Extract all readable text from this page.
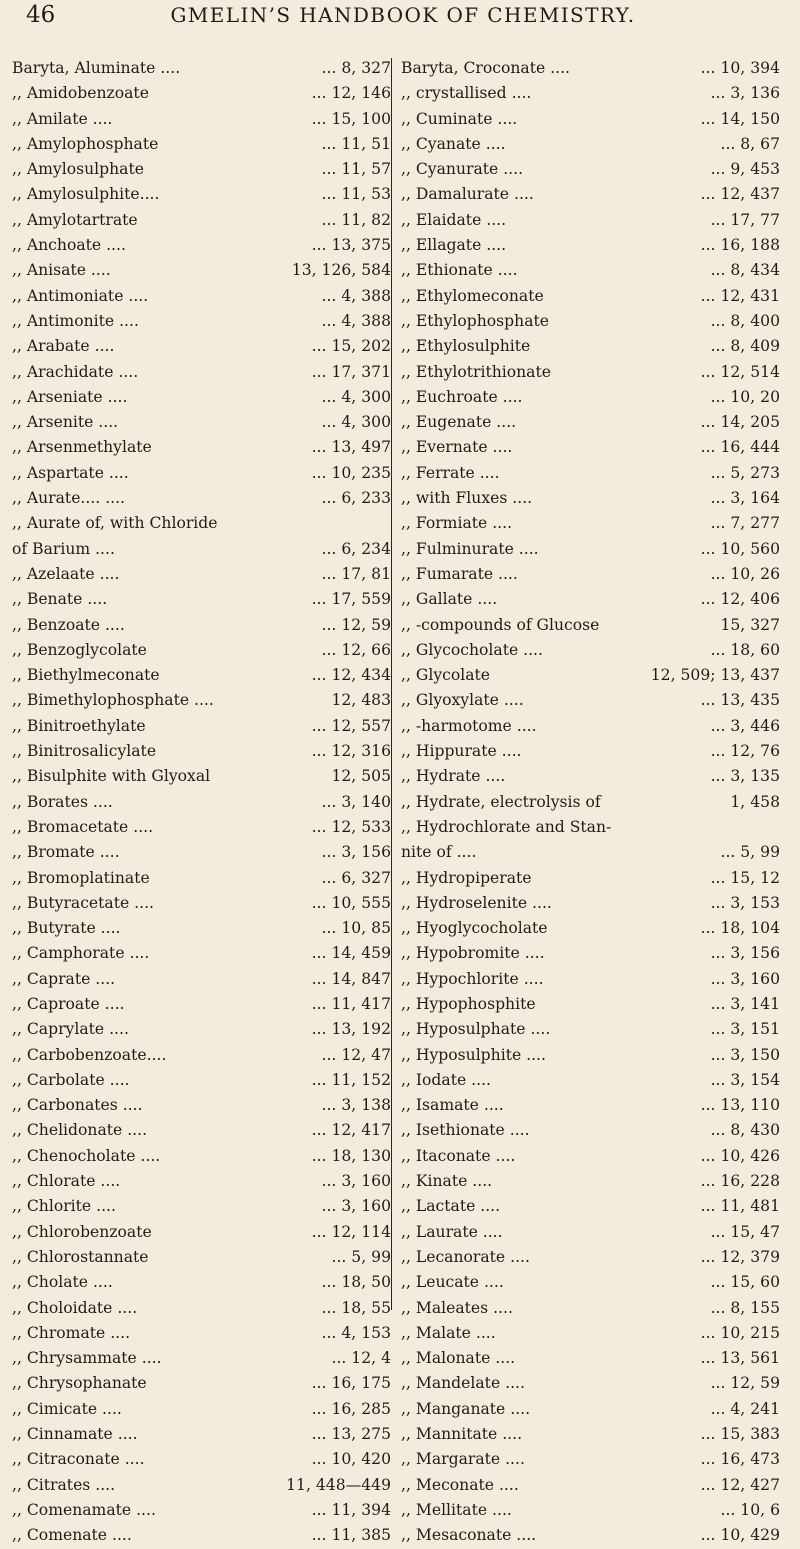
46	GMELIN’S HANDBOOK OF CHEMISTRY.
Baryta, Aluminate ....	... 8, 327
,, Amidobenzoate	... 12, 146
,, Amilate ....	... 15, 100
,, Amylophosphate	... 11, 51
,, Amylosulphate	... 11, 57
,, Amylosulphite....	... 11, 53
,, Amylotartrate	... 11, 82
,, Anchoate ....	... 13, 375
,, Anisate ....	13, 126, 584
,, Antimoniate ....	... 4, 388
,, Antimonite ....	... 4, 388
,, Arabate ....	... 15, 202
,, Arachidate ....	... 17, 371
,, Arseniate ....	... 4, 300
,, Arsenite ....	... 4, 300
,, Arsenmethylate	... 13, 497
,, Aspartate ....	... 10, 235
,, Aurate.... ....	... 6, 233
,, Aurate of, with Chloride
of Barium ....	... 6, 234
,, Azelaate ....	... 17, 81
,, Benate ....	... 17, 559
,, Benzoate ....	... 12, 59
,, Benzoglycolate	... 12, 66
,, Biethylmeconate	... 12, 434
,, Bimethylophosphate ....	12, 483
,, Binitroethylate	... 12, 557
,, Binitrosalicylate	... 12, 316
,, Bisulphite with Glyoxal	12, 505
,, Borates ....	... 3, 140
,, Bromacetate ....	... 12, 533
,, Bromate ....	... 3, 156
,, Bromoplatinate	... 6, 327
,, Butyracetate ....	... 10, 555
,, Butyrate ....	... 10, 85
,, Camphorate ....	... 14, 459
,, Caprate ....	... 14, 847
,, Caproate ....	... 11, 417
,, Caprylate ....	... 13, 192
,, Carbobenzoate....	... 12, 47
,, Carbolate ....	... 11, 152
,, Carbonates ....	... 3, 138
,, Chelidonate ....	... 12, 417
,, Chenocholate ....	... 18, 130
,, Chlorate ....	... 3, 160
,, Chlorite ....	... 3, 160
,, Chlorobenzoate	... 12, 114
,, Chlorostannate	... 5, 99
,, Cholate ....	... 18, 50
,, Choloidate ....	... 18, 55
,, Chromate ....	... 4, 153
,, Chrysammate ....	... 12, 4
,, Chrysophanate	... 16, 175
,, Cimicate ....	... 16, 285
,, Cinnamate ....	... 13, 275
,, Citraconate ....	... 10, 420
,, Citrates ....	11, 448—449
,, Comenamate ....	... 11, 394
,, Comenate ....	... 11, 385
Baryta, Croconate ....	... 10, 394
,, crystallised ....	... 3, 136
,, Cuminate ....	... 14, 150
,, Cyanate ....	... 8, 67
,, Cyanurate ....	... 9, 453
,, Damalurate ....	... 12, 437
,, Elaidate ....	... 17, 77
,, Ellagate ....	... 16, 188
,, Ethionate ....	... 8, 434
,, Ethylomeconate	... 12, 431
,, Ethylophosphate	... 8, 400
,, Ethylosulphite	... 8, 409
,, Ethylotrithionate	... 12, 514
,, Euchroate ....	... 10, 20
,, Eugenate ....	... 14, 205
,, Evernate ....	... 16, 444
,, Ferrate ....	... 5, 273
,, with Fluxes ....	... 3, 164
,, Formiate ....	... 7, 277
,, Fulminurate ....	... 10, 560
,, Fumarate ....	... 10, 26
,, Gallate ....	... 12, 406
,, -compounds of Glucose	15, 327
,, Glycocholate ....	... 18, 60
,, Glycolate	12, 509; 13, 437
,, Glyoxylate ....	... 13, 435
,, -harmotome ....	... 3, 446
,, Hippurate ....	... 12, 76
,, Hydrate ....	... 3, 135
,, Hydrate, electrolysis of	1, 458
,, Hydrochlorate and Stan-
nite of ....	... 5, 99
,, Hydropiperate	... 15, 12
,, Hydroselenite ....	... 3, 153
,, Hyoglycocholate	... 18, 104
,, Hypobromite ....	... 3, 156
,, Hypochlorite ....	... 3, 160
,, Hypophosphite	... 3, 141
,, Hyposulphate ....	... 3, 151
,, Hyposulphite ....	... 3, 150
,, Iodate ....	... 3, 154
,, Isamate ....	... 13, 110
,, Isethionate ....	... 8, 430
,, Itaconate ....	... 10, 426
,, Kinate ....	... 16, 228
,, Lactate ....	... 11, 481
,, Laurate ....	... 15, 47
,, Lecanorate ....	... 12, 379
,, Leucate ....	... 15, 60
,, Maleates ....	... 8, 155
,, Malate ....	... 10, 215
,, Malonate ....	... 13, 561
,, Mandelate ....	... 12, 59
,, Manganate ....	... 4, 241
,, Mannitate ....	... 15, 383
,, Margarate ....	... 16, 473
,, Meconate ....	... 12, 427
,, Mellitate ....	... 10, 6
,, Mesaconate ....	... 10, 429
